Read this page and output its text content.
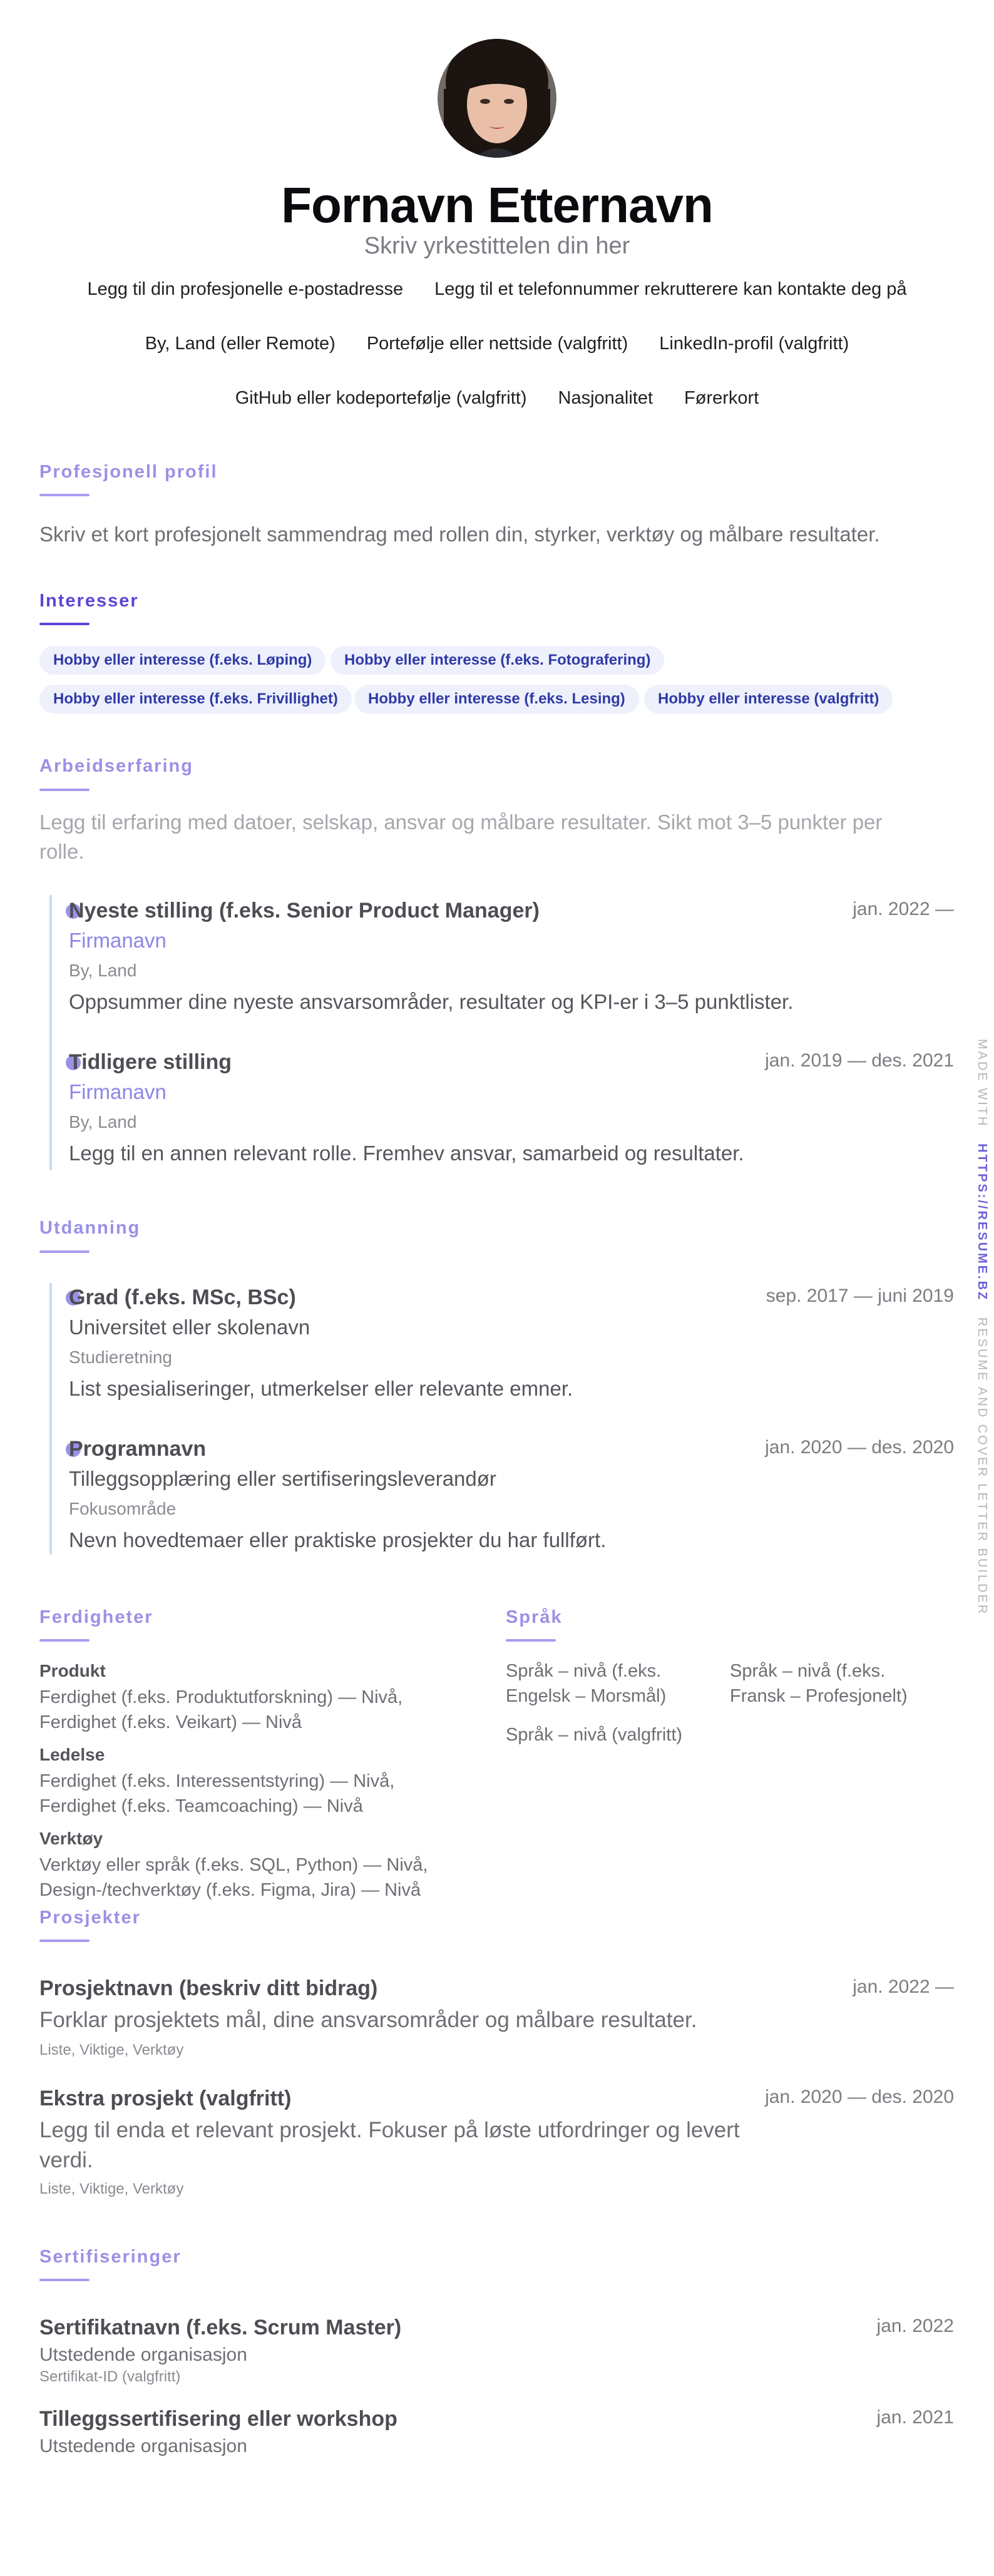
Fornavn Etternavn
Skriv yrkestittelen din her
Legg til din profesjonelle e-postadresse Legg til et telefonnummer rekrutterere kan kontakte deg på
By, Land (eller Remote) Portefølje eller nettside (valgfritt) LinkedIn-profil (valgfritt)
GitHub eller kodeportefølje (valgfritt) Nasjonalitet Førerkort
Profesjonell profil
Skriv et kort profesjonelt sammendrag med rollen din, styrker, verktøy og målbare resultater.
Interesser
Hobby eller interesse (f.eks. Løping)	Hobby eller interesse (f.eks. Fotografering)
Hobby eller interesse (f.eks. Frivillighet)	Hobby eller interesse (f.eks. Lesing)	Hobby eller interesse (valgfritt)
Arbeidserfaring
Legg til erfaring med datoer, selskap, ansvar og målbare resultater. Sikt mot 3–5 punkter per rolle.
Nyeste stilling (f.eks. Senior Product Manager)	jan. 2022 —
Firmanavn
By, Land
Oppsummer dine nyeste ansvarsområder, resultater og KPI-er i 3–5 punktlister.
Tidligere stilling	jan. 2019 — des. 2021
Firmanavn
By, Land
Legg til en annen relevant rolle. Fremhev ansvar, samarbeid og resultater.
Utdanning
Grad (f.eks. MSc, BSc)	sep. 2017 — juni 2019
Universitet eller skolenavn
Studieretning
List spesialiseringer, utmerkelser eller relevante emner.
Programnavn	jan. 2020 — des. 2020
Tilleggsopplæring eller sertifiseringsleverandør
Fokusområde
Nevn hovedtemaer eller praktiske prosjekter du har fullført.
Ferdigheter
Produkt
Ferdighet (f.eks. Produktutforskning) — Nivå, Ferdighet (f.eks. Veikart) — Nivå
Ledelse
Ferdighet (f.eks. Interessentstyring) — Nivå, Ferdighet (f.eks. Teamcoaching) — Nivå
Verktøy
Verktøy eller språk (f.eks. SQL, Python) — Nivå, Design-/techverktøy (f.eks. Figma, Jira) — Nivå
Språk
Språk – nivå (f.eks. Engelsk – Morsmål)
Språk – nivå (f.eks. Fransk – Profesjonelt)
Språk – nivå (valgfritt)
Prosjekter
Prosjektnavn (beskriv ditt bidrag)	jan. 2022 —
Forklar prosjektets mål, dine ansvarsområder og målbare resultater.
Liste, Viktige, Verktøy
Ekstra prosjekt (valgfritt)	jan. 2020 — des. 2020
Legg til enda et relevant prosjekt. Fokuser på løste utfordringer og levert verdi.
Liste, Viktige, Verktøy
Sertifiseringer
Sertifikatnavn (f.eks. Scrum Master)	jan. 2022
Utstedende organisasjon
Sertifikat-ID (valgfritt)
Tilleggssertifisering eller workshop	jan. 2021
Utstedende organisasjon
MADE WITH   HTTPS://RESUME.BZ   RESUME AND COVER LETTER BUILDER
